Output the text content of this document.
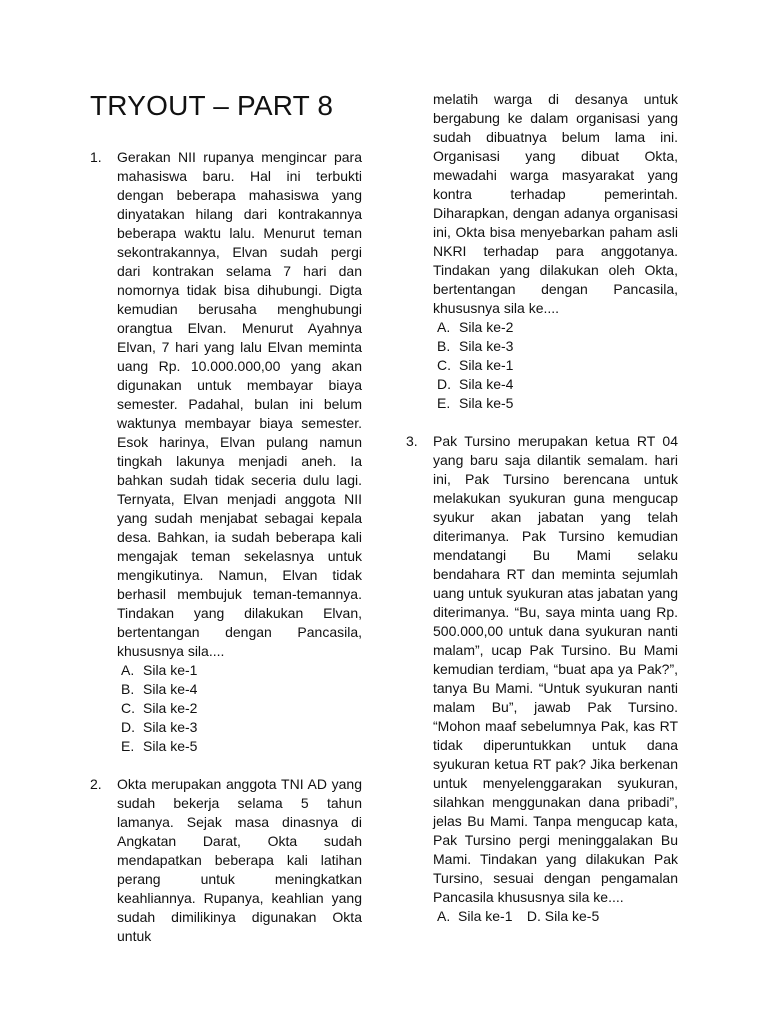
TRYOUT – PART 8
1. Gerakan NII rupanya mengincar para mahasiswa baru. Hal ini terbukti dengan beberapa mahasiswa yang dinyatakan hilang dari kontrakannya beberapa waktu lalu. Menurut teman sekontrakannya, Elvan sudah pergi dari kontrakan selama 7 hari dan nomornya tidak bisa dihubungi. Digta kemudian berusaha menghubungi orangtua Elvan. Menurut Ayahnya Elvan, 7 hari yang lalu Elvan meminta uang Rp. 10.000.000,00 yang akan digunakan untuk membayar biaya semester. Padahal, bulan ini belum waktunya membayar biaya semester. Esok harinya, Elvan pulang namun tingkah lakunya menjadi aneh. Ia bahkan sudah tidak seceria dulu lagi. Ternyata, Elvan menjadi anggota NII yang sudah menjabat sebagai kepala desa. Bahkan, ia sudah beberapa kali mengajak teman sekelasnya untuk mengikutinya. Namun, Elvan tidak berhasil membujuk teman-temannya. Tindakan yang dilakukan Elvan, bertentangan dengan Pancasila, khususnya sila....

A. Sila ke-1
B. Sila ke-4
C. Sila ke-2
D. Sila ke-3
E. Sila ke-5
2. Okta merupakan anggota TNI AD yang sudah bekerja selama 5 tahun lamanya. Sejak masa dinasnya di Angkatan Darat, Okta sudah mendapatkan beberapa kali latihan perang untuk meningkatkan keahliannya. Rupanya, keahlian yang sudah dimilikinya digunakan Okta untuk

melatih warga di desanya untuk bergabung ke dalam organisasi yang sudah dibuatnya belum lama ini. Organisasi yang dibuat Okta, mewadahi warga masyarakat yang kontra terhadap pemerintah. Diharapkan, dengan adanya organisasi ini, Okta bisa menyebarkan paham asli NKRI terhadap para anggotanya. Tindakan yang dilakukan oleh Okta, bertentangan dengan Pancasila, khususnya sila ke....

A. Sila ke-2
B. Sila ke-3
C. Sila ke-1
D. Sila ke-4
E. Sila ke-5
3. Pak Tursino merupakan ketua RT 04 yang baru saja dilantik semalam. hari ini, Pak Tursino berencana untuk melakukan syukuran guna mengucap syukur akan jabatan yang telah diterimanya. Pak Tursino kemudian mendatangi Bu Mami selaku bendahara RT dan meminta sejumlah uang untuk syukuran atas jabatan yang diterimanya. “Bu, saya minta uang Rp. 500.000,00 untuk dana syukuran nanti malam”, ucap Pak Tursino. Bu Mami kemudian terdiam, “buat apa ya Pak?”, tanya Bu Mami. “Untuk syukuran nanti malam Bu”, jawab Pak Tursino. “Mohon maaf sebelumnya Pak, kas RT tidak diperuntukkan untuk dana syukuran ketua RT pak? Jika berkenan untuk menyelenggarakan syukuran, silahkan menggunakan dana pribadi”, jelas Bu Mami. Tanpa mengucap kata, Pak Tursino pergi meninggalakan Bu Mami. Tindakan yang dilakukan Pak Tursino, sesuai dengan pengamalan Pancasila khususnya sila ke....

A. Sila ke-1 D. Sila ke-5
